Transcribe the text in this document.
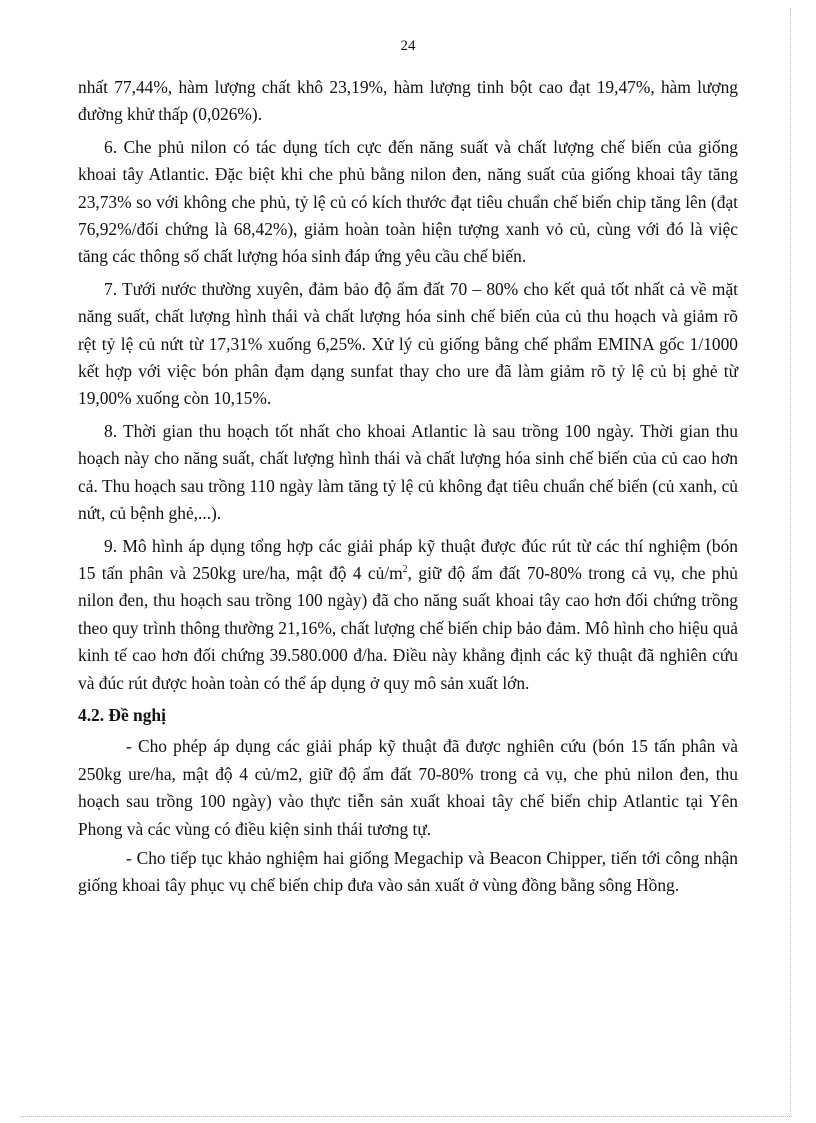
24

nhất 77,44%, hàm lượng chất khô 23,19%, hàm lượng tinh bột cao đạt 19,47%, hàm lượng đường khử thấp (0,026%).

6. Che phủ nilon có tác dụng tích cực đến năng suất và chất lượng chế biến của giống khoai tây Atlantic. Đặc biệt khi che phủ bằng nilon đen, năng suất của giống khoai tây tăng 23,73% so với không che phủ, tỷ lệ củ có kích thước đạt tiêu chuẩn chế biến chip tăng lên (đạt 76,92%/đối chứng là 68,42%), giảm hoàn toàn hiện tượng xanh vỏ củ, cùng với đó là việc tăng các thông số chất lượng hóa sinh đáp ứng yêu cầu chế biến.

7. Tưới nước thường xuyên, đảm bảo độ ẩm đất 70 – 80% cho kết quả tốt nhất cả về mặt năng suất, chất lượng hình thái và chất lượng hóa sinh chế biến của củ thu hoạch và giảm rõ rệt tỷ lệ củ nứt từ 17,31% xuống 6,25%. Xử lý củ giống bằng chế phẩm EMINA gốc 1/1000 kết hợp với việc bón phân đạm dạng sunfat thay cho ure đã làm giảm rõ tỷ lệ củ bị ghẻ từ 19,00% xuống còn 10,15%.

8. Thời gian thu hoạch tốt nhất cho khoai Atlantic là sau trồng 100 ngày. Thời gian thu hoạch này cho năng suất, chất lượng hình thái và chất lượng hóa sinh chế biến của củ cao hơn cả. Thu hoạch sau trồng 110 ngày làm tăng tỷ lệ củ không đạt tiêu chuẩn chế biến (củ xanh, củ nứt, củ bệnh ghẻ,...).

9. Mô hình áp dụng tổng hợp các giải pháp kỹ thuật được đúc rút từ các thí nghiệm (bón 15 tấn phân và 250kg ure/ha, mật độ 4 $củ/m^2$, giữ độ ẩm đất 70-80% trong cả vụ, che phủ nilon đen, thu hoạch sau trồng 100 ngày) đã cho năng suất khoai tây cao hơn đối chứng trồng theo quy trình thông thường 21,16%, chất lượng chế biến chip bảo đảm. Mô hình cho hiệu quả kinh tế cao hơn đối chứng 39.580.000 đ/ha. Điều này khẳng định các kỹ thuật đã nghiên cứu và đúc rút được hoàn toàn có thể áp dụng ở quy mô sản xuất lớn.

4.2. Đề nghị

- Cho phép áp dụng các giải pháp kỹ thuật đã được nghiên cứu (bón 15 tấn phân và 250kg ure/ha, mật độ 4 củ/m2, giữ độ ẩm đất 70-80% trong cả vụ, che phủ nilon đen, thu hoạch sau trồng 100 ngày) vào thực tiễn sản xuất khoai tây chế biến chip Atlantic tại Yên Phong và các vùng có điều kiện sinh thái tương tự.

- Cho tiếp tục khảo nghiệm hai giống Megachip và Beacon Chipper, tiến tới công nhận giống khoai tây phục vụ chế biến chip đưa vào sản xuất ở vùng đồng bằng sông Hồng.
